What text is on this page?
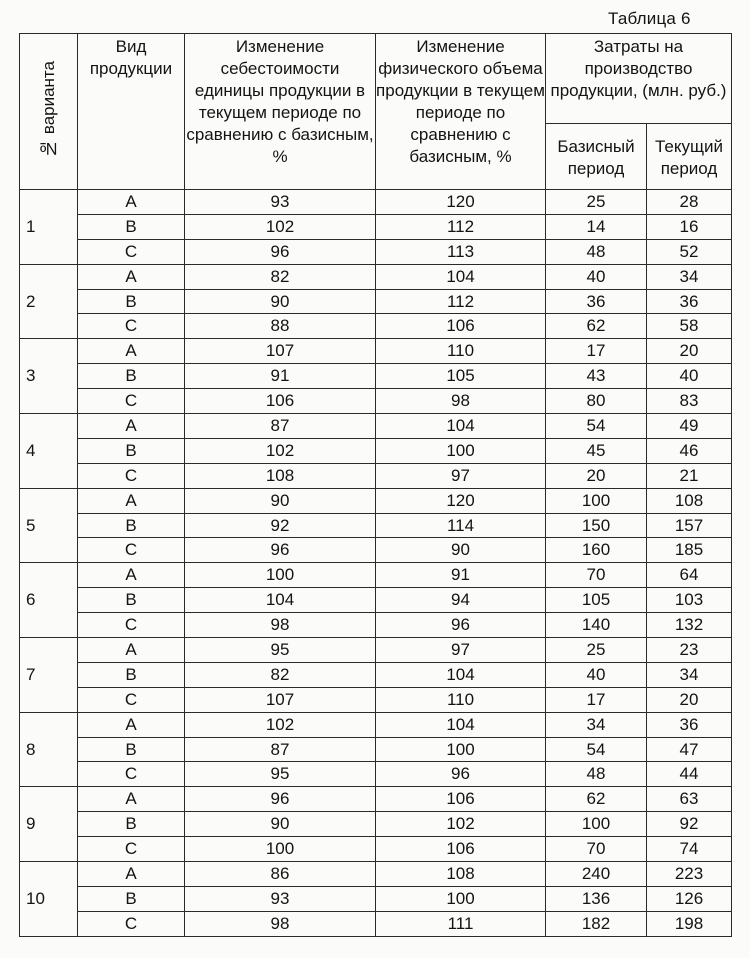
Таблица 6
№ варианта	Вид продукции	Изменение себестоимости единицы продукции в текущем периоде по сравнению с базисным, %	Изменение физического объема продукции в текущем периоде по сравнению с базисным, %	Затраты на производство продукции, (млн. руб.)	
				Базисный период	Текущий период
1	A	93	120	25	28
	B	102	112	14	16
	C	96	113	48	52
2	A	82	104	40	34
	B	90	112	36	36
	C	88	106	62	58
3	A	107	110	17	20
	B	91	105	43	40
	C	106	98	80	83
4	A	87	104	54	49
	B	102	100	45	46
	C	108	97	20	21
5	A	90	120	100	108
	B	92	114	150	157
	C	96	90	160	185
6	A	100	91	70	64
	B	104	94	105	103
	C	98	96	140	132
7	A	95	97	25	23
	B	82	104	40	34
	C	107	110	17	20
8	A	102	104	34	36
	B	87	100	54	47
	C	95	96	48	44
9	A	96	106	62	63
	B	90	102	100	92
	C	100	106	70	74
10	A	86	108	240	223
	B	93	100	136	126
	C	98	111	182	198
